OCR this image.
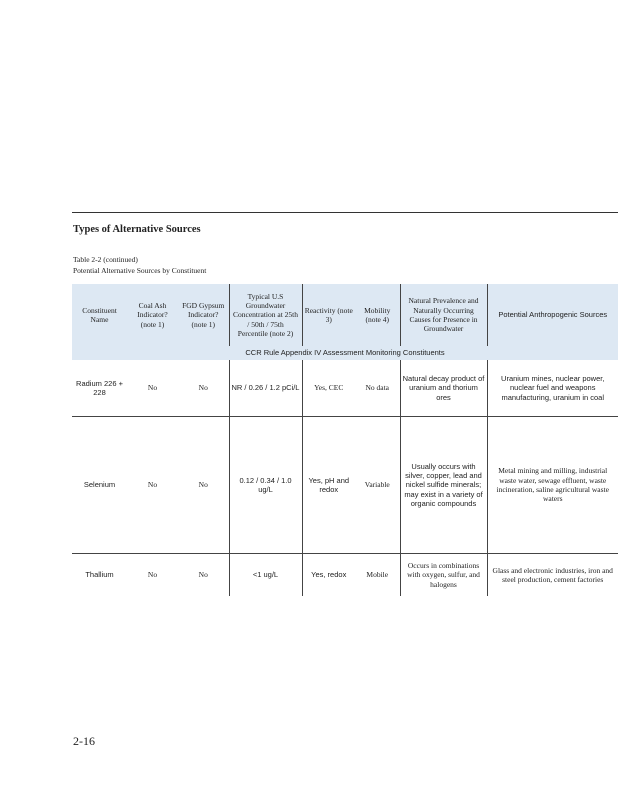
Types of Alternative Sources
Table 2-2 (continued)
Potential Alternative Sources by Constituent
Constituent Name	Coal Ash Indicator? (note 1)	FGD Gypsum Indicator? (note 1)	Typical U.S Groundwater Concentration at 25th / 50th / 75th Percentile (note 2)	Reactivity (note 3)	Mobility (note 4)	Natural Prevalence and Naturally Occurring Causes for Presence in Groundwater	Potential Anthropogenic Sources
CCR Rule Appendix IV Assessment Monitoring Constituents							
Radium 226 + 228	No	No	NR / 0.26 / 1.2 pCi/L	Yes, CEC	No data	Natural decay product of uranium and thorium ores	Uranium mines, nuclear power, nuclear fuel and weapons manufacturing, uranium in coal
Selenium	No	No	0.12 / 0.34 / 1.0 ug/L	Yes, pH and redox	Variable	Usually occurs with silver, copper, lead and nickel sulfide minerals; may exist in a variety of organic compounds	Metal mining and milling, industrial waste water, sewage effluent, waste incineration, saline agricultural waste waters
Thallium	No	No	<1 ug/L	Yes, redox	Mobile	Occurs in combinations with oxygen, sulfur, and halogens	Glass and electronic industries, iron and steel production, cement factories
2-16
